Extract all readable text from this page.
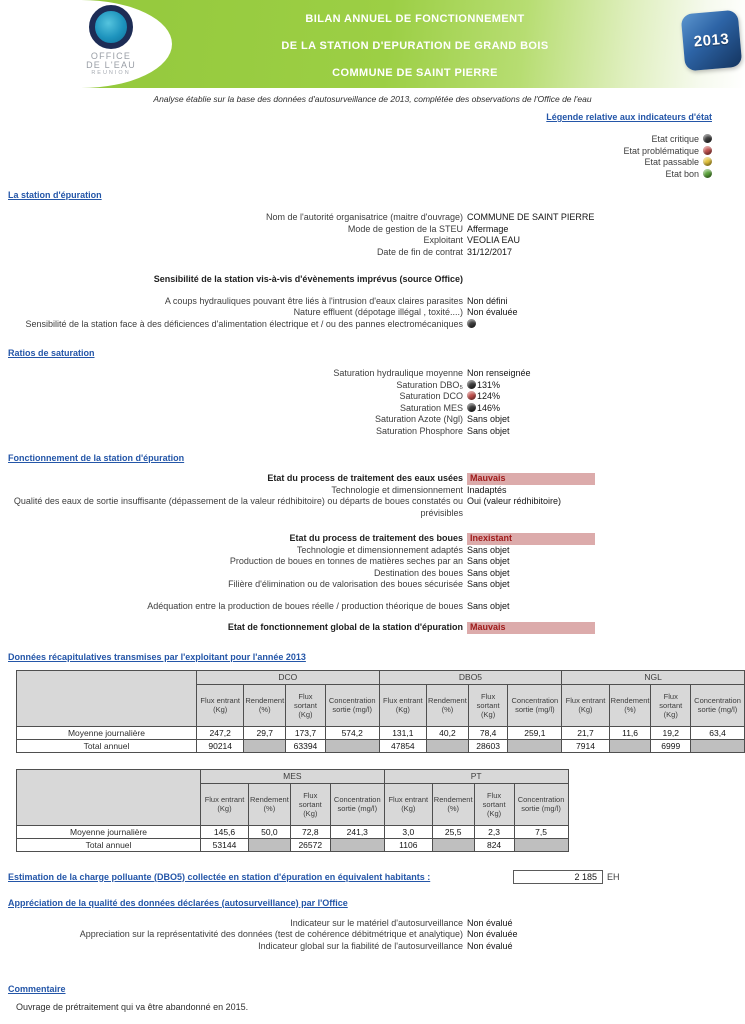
OFFICE
DE L'EAU
REUNION
BILAN ANNUEL DE FONCTIONNEMENT
DE LA STATION D'EPURATION DE GRAND BOIS
COMMUNE DE SAINT PIERRE
2013
Analyse établie sur la base des données d'autosurveillance de 2013, complétée des observations de l'Office de l'eau
Légende relative aux indicateurs d'état
Etat critique
Etat problématique
Etat passable
Etat bon
La station d'épuration
Nom de l'autorité organisatrice (maitre d'ouvrage) COMMUNE DE SAINT PIERRE
Mode de gestion de la STEU Affermage
Exploitant VEOLIA EAU
Date de fin de contrat 31/12/2017
Sensibilité de la station vis-à-vis d'évènements imprévus (source Office)
A coups hydrauliques pouvant être liés à l'intrusion d'eaux claires parasites Non défini
Nature effluent (dépotage illégal , toxité....) Non évaluée
Sensibilité de la station face à des déficiences d'alimentation électrique et / ou des pannes electromécaniques
Ratios de saturation
Saturation hydraulique moyenne Non renseignée
Saturation DBO₅	131%
Saturation DCO	124%
Saturation MES	146%
Saturation Azote (Ngl) Sans objet
Saturation Phosphore Sans objet
Fonctionnement de la station d'épuration
Etat du process de traitement des eaux usées Mauvais
Technologie et dimensionnement Inadaptés
Qualité des eaux de sortie insuffisante (dépassement de la valeur rédhibitoire) ou départs de boues constatés ou prévisibles
Oui (valeur rédhibitoire)
Etat du process de traitement des boues Inexistant
Technologie et dimensionnement adaptés Sans objet
Production de boues en tonnes de matières seches par an Sans objet
Destination des boues Sans objet
Filière d'élimination ou de valorisation des boues sécurisée Sans objet
Adéquation entre la production de boues réelle / production théorique de boues Sans objet
Etat de fonctionnement global de la station d'épuration Mauvais
Données récapitulatives transmises par l'exploitant pour l'année 2013
	DCO				DBO5				NGL			
	Flux entrant (Kg)	Rendement (%)	Flux sortant (Kg)	Concentration sortie (mg/l)	Flux entrant (Kg)	Rendement (%)	Flux sortant (Kg)	Concentration sortie (mg/l)	Flux entrant (Kg)	Rendement (%)	Flux sortant (Kg)	Concentration sortie (mg/l)
Moyenne journalière	247,2	29,7	173,7	574,2	131,1	40,2	78,4	259,1	21,7	11,6	19,2	63,4
Total annuel	90214		63394		47854		28603		7914		6999	
	MES				PT			
	Flux entrant (Kg)	Rendement (%)	Flux sortant (Kg)	Concentration sortie (mg/l)	Flux entrant (Kg)	Rendement (%)	Flux sortant (Kg)	Concentration sortie (mg/l)
Moyenne journalière	145,6	50,0	72,8	241,3	3,0	25,5	2,3	7,5
Total annuel	53144		26572		1106		824	
Estimation de la charge polluante (DBO5) collectée en station d'épuration en équivalent habitants :	2 185	EH
Appréciation de la qualité des données déclarées (autosurveillance) par l'Office
Indicateur sur le matériel d'autosurveillance Non évalué
Appreciation sur la représentativité des données (test de cohérence débitmétrique et analytique) Non évaluée
Indicateur global sur la fiabilité de l'autosurveillance Non évalué
Commentaire
Ouvrage de prétraitement qui va être abandonné en 2015.
